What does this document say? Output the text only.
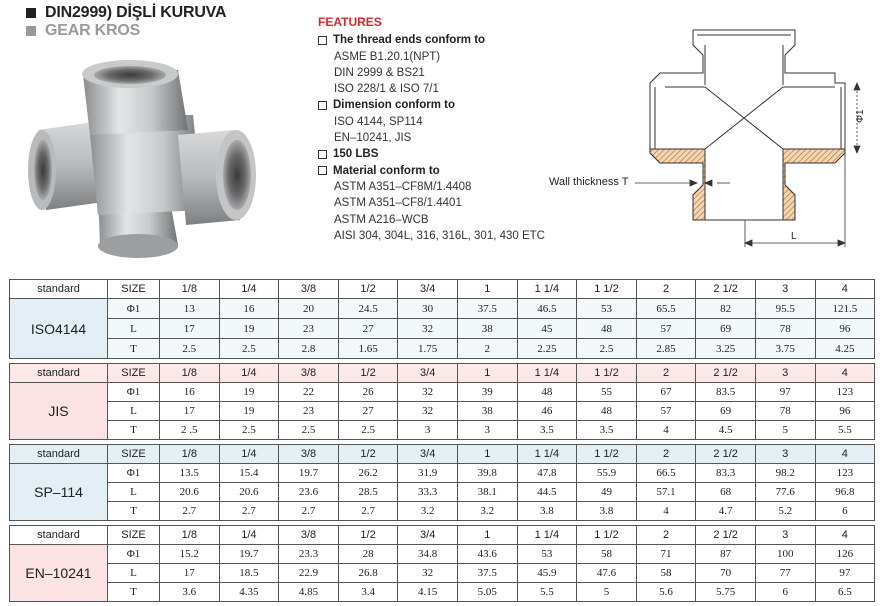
DIN2999) DİŞLİ KURUVA
GEAR KROS	FEATURES
The thread ends conform to
ASME B1.20.1(NPT)
DIN 2999 & BS21
ISO 228/1 & ISO 7/1
Dimension conform to
ISO 4144, SP114
EN–10241, JIS
150 LBS
Material conform to
ASTM A351–CF8M/1.4408
ASTM A351–CF8/1.4401
ASTM A216–WCB
AISI 304, 304L, 316, 316L, 301, 430 ETC
Φ1
L
Wall thickness T
standard	SIZE	1/8	1/4	3/8	1/2	3/4	1	1 1/4	1 1/2	2	2 1/2	3	4
ISO4144	Φ1	13	16	20	24.5	30	37.5	46.5	53	65.5	82	95.5	121.5
	L	17	19	23	27	32	38	45	48	57	69	78	96
	T	2.5	2.5	2.8	1.65	1.75	2	2.25	2.5	2.85	3.25	3.75	4.25
standard	SIZE	1/8	1/4	3/8	1/2	3/4	1	1 1/4	1 1/2	2	2 1/2	3	4
JIS	Φ1	16	19	22	26	32	39	48	55	67	83.5	97	123
	L	17	19	23	27	32	38	46	48	57	69	78	96
	T	2 .5	2.5	2.5	2.5	3	3	3.5	3.5	4	4.5	5	5.5
standard	SIZE	1/8	1/4	3/8	1/2	3/4	1	1 1/4	1 1/2	2	2 1/2	3	4
SP–114	Φ1	13.5	15.4	19.7	26.2	31.9	39.8	47.8	55.9	66.5	83.3	98.2	123
	L	20.6	20.6	23.6	28.5	33.3	38.1	44.5	49	57.1	68	77.6	96.8
	T	2.7	2.7	2.7	2.7	3.2	3.2	3.8	3.8	4	4.7	5.2	6
standard	SIZE	1/8	1/4	3/8	1/2	3/4	1	1 1/4	1 1/2	2	2 1/2	3	4
EN–10241	Φ1	15.2	19.7	23.3	28	34.8	43.6	53	58	71	87	100	126
	L	17	18.5	22.9	26.8	32	37.5	45.9	47.6	58	70	77	97
	T	3.6	4.35	4.85	3.4	4.15	5.05	5.5	5	5.6	5.75	6	6.5
